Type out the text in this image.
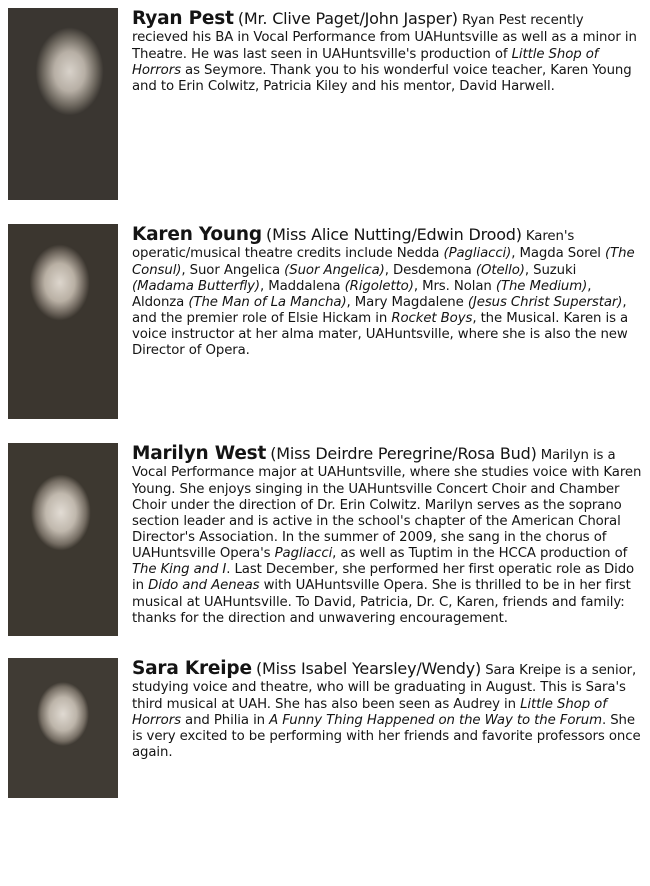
Ryan Pest (Mr. Clive Paget/John Jasper) Ryan Pest recently recieved his BA in Vocal Performance from UAHuntsville as well as a minor in Theatre. He was last seen in UAHuntsville's production of Little Shop of Horrors as Seymore. Thank you to his wonderful voice teacher, Karen Young and to Erin Colwitz, Patricia Kiley and his mentor, David Harwell.

Karen Young (Miss Alice Nutting/Edwin Drood) Karen's operatic/musical theatre credits include Nedda (Pagliacci), Magda Sorel (The Consul), Suor Angelica (Suor Angelica), Desdemona (Otello), Suzuki (Madama Butterfly), Maddalena (Rigoletto), Mrs. Nolan (The Medium), Aldonza (The Man of La Mancha), Mary Magdalene (Jesus Christ Superstar), and the premier role of Elsie Hickam in Rocket Boys, the Musical. Karen is a voice instructor at her alma mater, UAHuntsville, where she is also the new Director of Opera.

Marilyn West (Miss Deirdre Peregrine/Rosa Bud) Marilyn is a Vocal Performance major at UAHuntsville, where she studies voice with Karen Young. She enjoys singing in the UAHuntsville Concert Choir and Chamber Choir under the direction of Dr. Erin Colwitz. Marilyn serves as the soprano section leader and is active in the school's chapter of the American Choral Director's Association. In the summer of 2009, she sang in the chorus of UAHuntsville Opera's Pagliacci, as well as Tuptim in the HCCA production of The King and I. Last December, she performed her first operatic role as Dido in Dido and Aeneas with UAHuntsville Opera. She is thrilled to be in her first musical at UAHuntsville. To David, Patricia, Dr. C, Karen, friends and family: thanks for the direction and unwavering encouragement.

Sara Kreipe (Miss Isabel Yearsley/Wendy) Sara Kreipe is a senior, studying voice and theatre, who will be graduating in August. This is Sara's third musical at UAH. She has also been seen as Audrey in Little Shop of Horrors and Philia in A Funny Thing Happened on the Way to the Forum. She is very excited to be performing with her friends and favorite professors once again.
